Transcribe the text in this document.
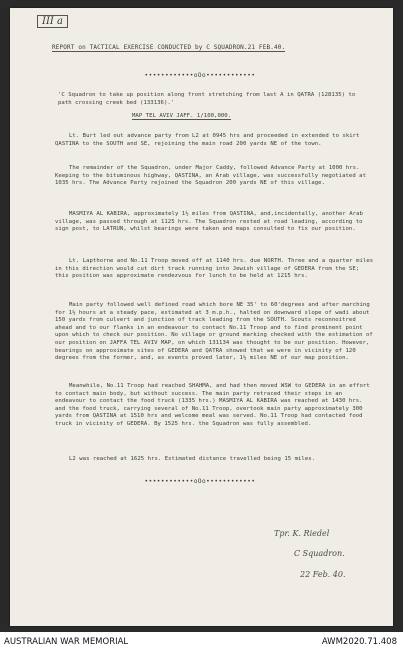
III a
REPORT on TACTICAL EXERCISE CONDUCTED by C SQUADRON.21 FEB.40.
••••••••••••oOo••••••••••••
'C Squadron to take up position along front stretching from last A in QATRA (128135) to path crossing creek bed (133136).'
MAP TEL AVIV JAFF. 1/100,000.
Lt. Burt led out advance party from L2 at 0945 hrs and proceeded in extended to skirt QASTINA to the SOUTH and SE, rejoining the main road 200 yards NE of the town.
The remainder of the Squadron, under Major Caddy, followed Advance Party at 1000 hrs. Keeping to the bituminous highway, QASTINA, an Arab village, was successfully negotiated at 1035 hrs. The Advance Party rejoined the Squadron 200 yards NE of this village.
MASMIYA AL KABIRA, approximately 1½ miles from QASTINA, and,incidentally, another Arab village, was passed through at 1125 hrs. The Squadron rested at road leading, according to sign post, to LATRUN, whilst bearings were taken and maps consulted to fix our position.
Lt. Lapthorne and No.11 Troop moved off at 1140 hrs. due NORTH. Three and a quarter miles in this direction would cut dirt track running into Jewish village of GEDERA from the SE; this position was approximate rendezvous for lunch to be held at 1215 hrs.
Main party followed well defined road which bore NE 35' to 60'degrees and after marching for 1½ hours at a steady pace, estimated at 3 m.p.h., halted on downward slope of wadi about 150 yards from culvert and junction of track leading from the SOUTH. Scouts reconnoitred ahead and to our flanks in an endeavour to contact No.11 Troop and to find prominent point upon which to check our position. No village or ground marking checked with the estimation of our position on JAFFA TEL AVIV MAP, on which 131134 was thought to be our position. However, bearings on approximate sites of GEDERA and QATRA showed that we were in vicinity of 120 degrees from the former, and, as events proved later, 1½ miles NE of our map position.
Meanwhile, No.11 Troop had reached SHAHMA, and had then moved WSW to GEDERA in an effort to contact main body, but without success. The main party retraced their steps in an endeavour to contact the food truck (1335 hrs.) MASMIYA AL KABIRA was reached at 1430 hrs. and the food truck, carrying several of No.11 Troop, overtook main party approximately 300 yards from QASTINA at 1510 hrs and welcome meal was served. No.11 Troop had contacted food truck in vicinity of GEDERA. By 1525 hrs. the Squadron was fully assembled.
L2 was reached at 1625 hrs. Estimated distance travelled being 15 miles.
••••••••••••oOo••••••••••••
Tpr. K. Riedel
C Squadron.
22 Feb. 40.
AUSTRALIAN WAR MEMORIAL	AWM2020.71.408
